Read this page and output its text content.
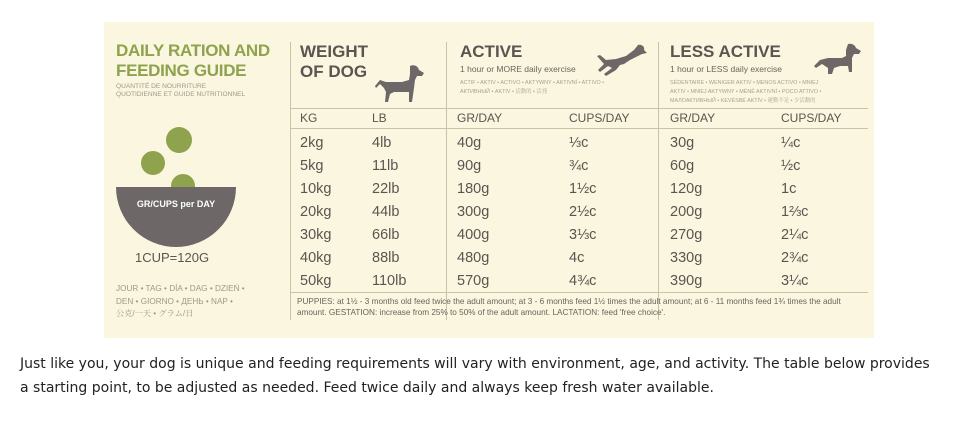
DAILY RATION AND
FEEDING GUIDE
QUANTITÉ DE NOURRITURE
QUOTIDIENNE ET GUIDE NUTRITIONNEL
GR/CUPS per DAY
1CUP=120G
JOUR • TAG • DÍA • DAG • DZIEŃ •
DEN • GIORNO • ДЕНЬ • NAP •
公克/一天 • グラム/日
WEIGHT
OF DOG
ACTIVE
1 hour or MORE daily exercise
ACTIF • AKTIV • ACTIVO • AKTYWNY • AKTIVNÍ • ATTIVO •
АКТИВНЫЙ • AKTIV • 活動的 • 活発
LESS ACTIVE
1 hour or LESS daily exercise
SÉDENTAIRE • WENIGER AKTIV • MENOS ACTIVO • MNIEJ
AKTIV • MNIEJ AKTYWNY • MÉNĚ AKTIVNÍ • POCO ATTIVO •
МАЛОАКТИВНЫЙ • KEVÉSBÉ AKTÍV • 運動不足 • 少活動的
KG	LB	GR/DAY	CUPS/DAY	GR/DAY	CUPS/DAY
2kg	4lb	40g	⅓c	30g	¼c
5kg	11lb	90g	¾c	60g	½c
10kg	22lb	180g	1½c	120g	1c
20kg	44lb	300g	2½c	200g	1⅔c
30kg	66lb	400g	3⅓c	270g	2¼c
40kg	88lb	480g	4c	330g	2¾c
50kg	110lb	570g	4¾c	390g	3¼c
PUPPIES: at 1½ - 3 months old feed twice the adult amount; at 3 - 6 months feed 1½ times the adult amount; at 6 - 11 months feed 1¾ times the adult amount. GESTATION: increase from 25% to 50% of the adult amount. LACTATION: feed 'free choice'.
Just like you, your dog is unique and feeding requirements will vary with environment, age, and activity. The table below provides a starting point, to be adjusted as needed. Feed twice daily and always keep fresh water available.
